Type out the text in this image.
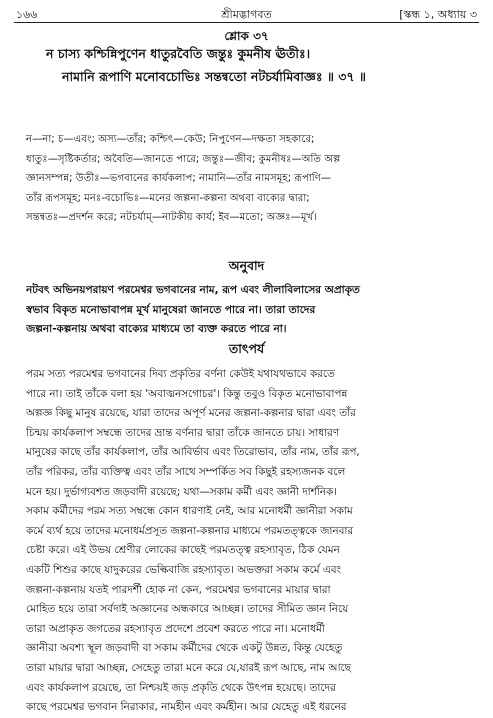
১৬৬	শ্রীমদ্ভাগবত	[স্কন্ধ ১, অধ্যায় ৩
শ্লোক ৩৭
ন চাস্য কশ্চিন্নিপুণেন ধাতুরবৈতি জন্তুঃ কুমনীষ ঊতীঃ।
নামানি রূপাণি মনোবচোভিঃ সন্তন্বতো নটচর্যামিবাজ্ঞঃ ॥ ৩৭ ॥
ন—না; চ—এবং; অস্য—তাঁর; কশ্চিৎ—কেউ; নিপুণেন—দক্ষতা সহকারে;
ধাতুঃ—সৃষ্টিকর্তার; অবৈতি—জানতে পারে; জন্তুঃ—জীব; কুমনীষঃ—অতি অল্প
জ্ঞানসম্পন্ন; উতীঃ—ভগবানের কার্যকলাপ; নামানি—তাঁর নামসমূহ; রূপাণি—
তাঁর রূপসমূহ; মনঃ-বচোভিঃ—মনের জল্পনা-কল্পনা অথবা বাক্যের দ্বারা;
সন্তন্বতঃ—প্রদর্শন করে; নটচর্যাম্—নাটকীয় কার্য; ইব—মতো; অজ্ঞঃ—মূর্খ।
অনুবাদ
নটবৎ অভিনয়পরায়ণ পরমেশ্বর ভগবানের নাম, রূপ এবং লীলাবিলাসের অপ্রাকৃত
স্বভাব বিকৃত মনোভাবাপন্ন মূর্খ মানুষেরা জানতে পারে না। তারা তাদের
জল্পনা-কল্পনায় অথবা বাক্যের মাধ্যমে তা ব্যক্ত করতে পারে না।
তাৎপর্য
পরম সত্য পরমেশ্বর ভগবানের দিব্য প্রকৃতির বর্ণনা কেউই যথাযথভাবে করতে
পারে না। তাই তাঁকে বলা হয় 'অবাঙ্মনসগোচর'। কিন্তু তবুও বিকৃত মনোভাবাপন্ন
অল্পজ্ঞ কিছু মানুষ রয়েছে, যারা তাদের অপূর্ণ মনের জল্পনা-কল্পনার দ্বারা এবং তাঁর
চিন্ময় কার্যকলাপ সম্বন্ধে তাদের ভ্রান্ত বর্ণনার দ্বারা তাঁকে জানতে চায়। সাধারণ
মানুষের কাছে তাঁর কার্যকলাপ, তাঁর আবির্ভাব এবং তিরোভাব, তাঁর নাম, তাঁর রূপ,
তাঁর পরিকর, তাঁর ব্যক্তিত্ব এবং তাঁর সাথে সম্পর্কিত সব কিছুই রহস্যজনক বলে
মনে হয়। দুর্ভাগ্যবশত জড়বাদী রয়েছে; যথা—সকাম কর্মী এবং জ্ঞানী দার্শনিক।
সকাম কর্মীদের পরম সত্য সম্বন্ধে কোন ধারণাই নেই, আর মনোধর্মী জ্ঞানীরা সকাম
কর্মে ব্যর্থ হয়ে তাদের মনোধর্মপ্রসূত জল্পনা-কল্পনার মাধ্যমে পরমতত্ত্বকে জানবার
চেষ্টা করে। এই উভয় শ্রেণীর লোকের কাছেই পরমতত্ত্ব রহস্যাবৃত, ঠিক যেমন
একটি শিশুর কাছে যাদুকরের ভেল্কিবাজি রহস্যাবৃত। অভক্তরা সকাম কর্মে এবং
জল্পনা-কল্পনায় যতই পারদর্শী হোক না কেন, পরমেশ্বর ভগবানের মায়ার দ্বারা
মোহিত হয়ে তারা সর্বদাই অজ্ঞানের অন্ধকারে আচ্ছন্ন। তাদের সীমিত জ্ঞান নিয়ে
তারা অপ্রাকৃত জগতের রহস্যাবৃত প্রদেশে প্রবেশ করতে পারে না। মনোধর্মী
জ্ঞানীরা অবশ্য স্থূল জড়বাদী বা সকাম কর্মীদের থেকে একটু উন্নত, কিন্তু যেহেতু
তারা মায়ার দ্বারা আচ্ছন্ন, সেহেতু তারা মনে করে যে,যারই রূপ আছে, নাম আছে
এবং কার্যকলাপ রয়েছে, তা নিশ্চয়ই জড় প্রকৃতি থেকে উৎপন্ন হয়েছে। তাদের
কাছে পরমেশ্বর ভগবান নিরাকার, নামহীন এবং কর্মহীন। আর যেহেতু এই ধরনের
